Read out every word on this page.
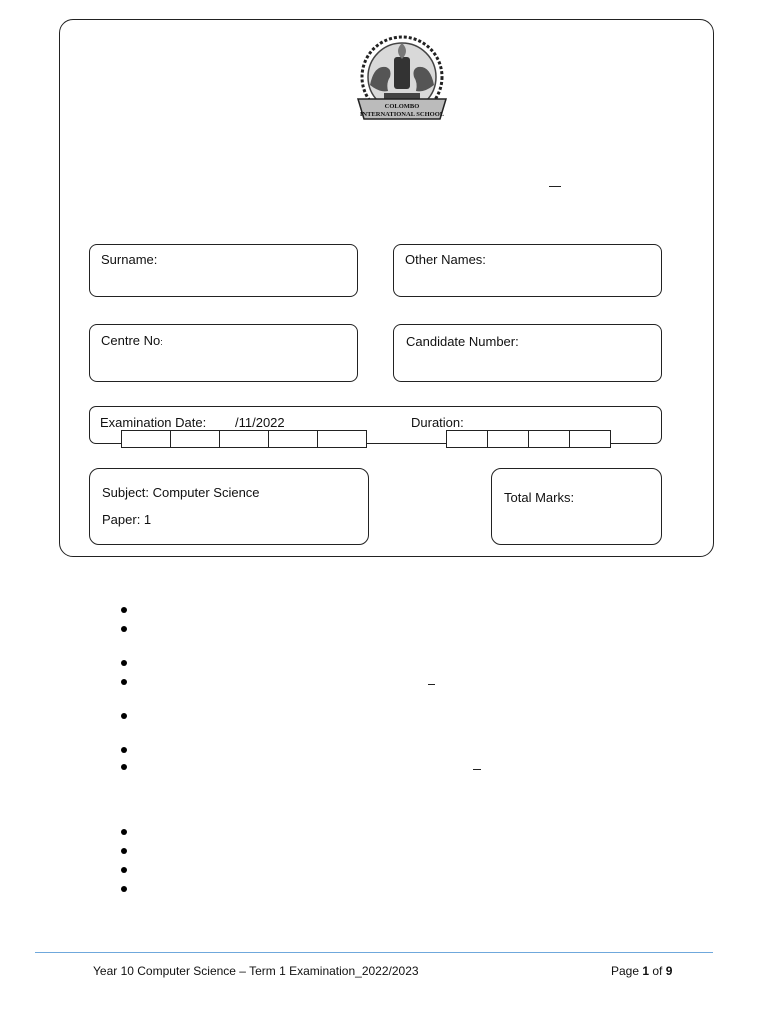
COLOMBO
INTERNATIONAL SCHOOL
Surname:	Other Names:
Centre No:	Candidate Number:
Examination Date: /11/2022	Duration:
Subject: Computer Science
Paper: 1
Total Marks:
Year 10 Computer Science – Term 1 Examination_2022/2023	Page 1 of 9
